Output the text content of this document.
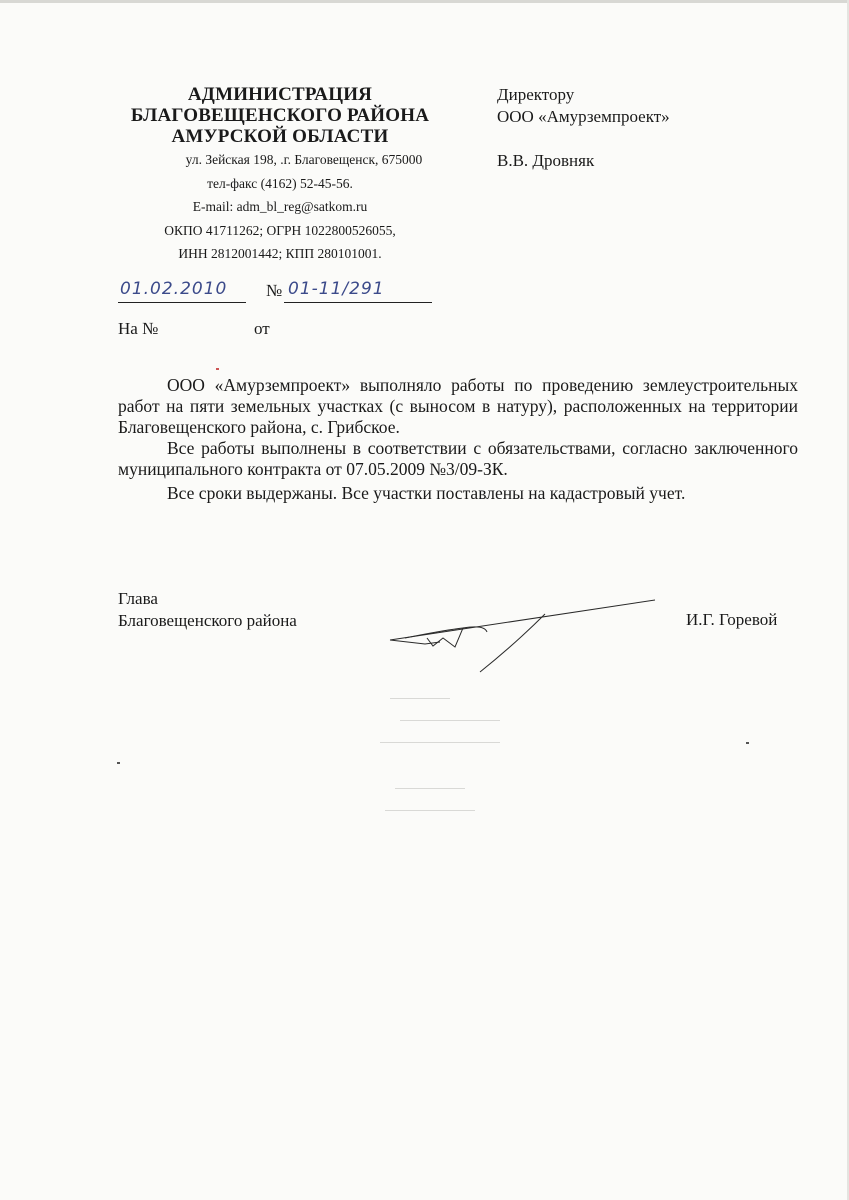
АДМИНИСТРАЦИЯ
БЛАГОВЕЩЕНСКОГО РАЙОНА
АМУРСКОЙ ОБЛАСТИ
ул. Зейская 198, .г. Благовещенск, 675000
тел-факс (4162) 52-45-56.
E-mail: adm_bl_reg@satkom.ru
ОКПО 41711262; ОГРН 1022800526055,
ИНН 2812001442; КПП 280101001.
Директору
ООО «Амурземпроект»
В.В. Дровняк
01.02.2010 № 01-11/291
На №	от

ООО «Амурземпроект» выполняло работы по проведению землеустроительных работ на пяти земельных участках (с выносом в натуру), расположенных на территории Благовещенского района, с. Грибское.

Все работы выполнены в соответствии с обязательствами, согласно заключенного муниципального контракта от 07.05.2009 №3/09-ЗК.

Все сроки выдержаны. Все участки поставлены на кадастровый учет.

Глава
Благовещенского района	И.Г. Горевой
